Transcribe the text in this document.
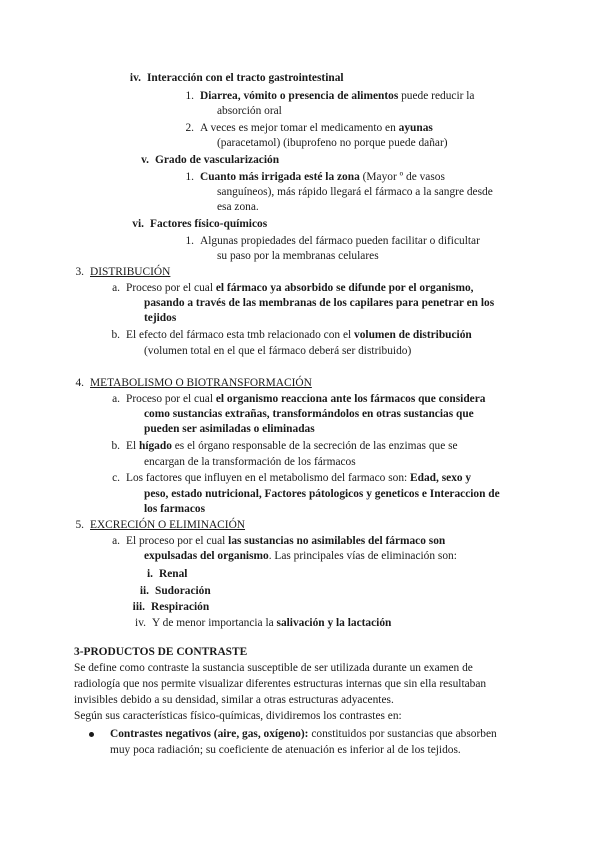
iv. Interacción con el tracto gastrointestinal
1. Diarrea, vómito o presencia de alimentos puede reducir la
absorción oral
2. A veces es mejor tomar el medicamento en ayunas
(paracetamol) (ibuprofeno no porque puede dañar)
v. Grado de vascularización
1. Cuanto más irrigada esté la zona (Mayor º de vasos
sanguíneos), más rápido llegará el fármaco a la sangre desde
esa zona.
vi. Factores físico-químicos
1. Algunas propiedades del fármaco pueden facilitar o dificultar
su paso por la membranas celulares
3. DISTRIBUCIÓN
a. Proceso por el cual el fármaco ya absorbido se difunde por el organismo,
pasando a través de las membranas de los capilares para penetrar en los
tejidos
b. El efecto del fármaco esta tmb relacionado con el volumen de distribución
(volumen total en el que el fármaco deberá ser distribuido)
4. METABOLISMO O BIOTRANSFORMACIÓN
a. Proceso por el cual el organismo reacciona ante los fármacos que considera
como sustancias extrañas, transformándolos en otras sustancias que
pueden ser asimiladas o eliminadas
b. El hígado es el órgano responsable de la secreción de las enzimas que se
encargan de la transformación de los fármacos
c. Los factores que influyen en el metabolismo del farmaco son: Edad, sexo y
peso, estado nutricional, Factores pátologicos y geneticos e Interaccion de
los farmacos
5. EXCRECIÓN O ELIMINACIÓN
a. El proceso por el cual las sustancias no asimilables del fármaco son
expulsadas del organismo. Las principales vías de eliminación son:
i. Renal
ii. Sudoración
iii. Respiración
iv. Y de menor importancia la salivación y la lactación
3-PRODUCTOS DE CONTRASTE
Se define como contraste la sustancia susceptible de ser utilizada durante un examen de
radiología que nos permite visualizar diferentes estructuras internas que sin ella resultaban
invisibles debido a su densidad, similar a otras estructuras adyacentes.
Según sus características físico-químicas, dividiremos los contrastes en:
Contrastes negativos (aire, gas, oxígeno): constituidos por sustancias que absorben
muy poca radiación; su coeficiente de atenuación es inferior al de los tejidos.
